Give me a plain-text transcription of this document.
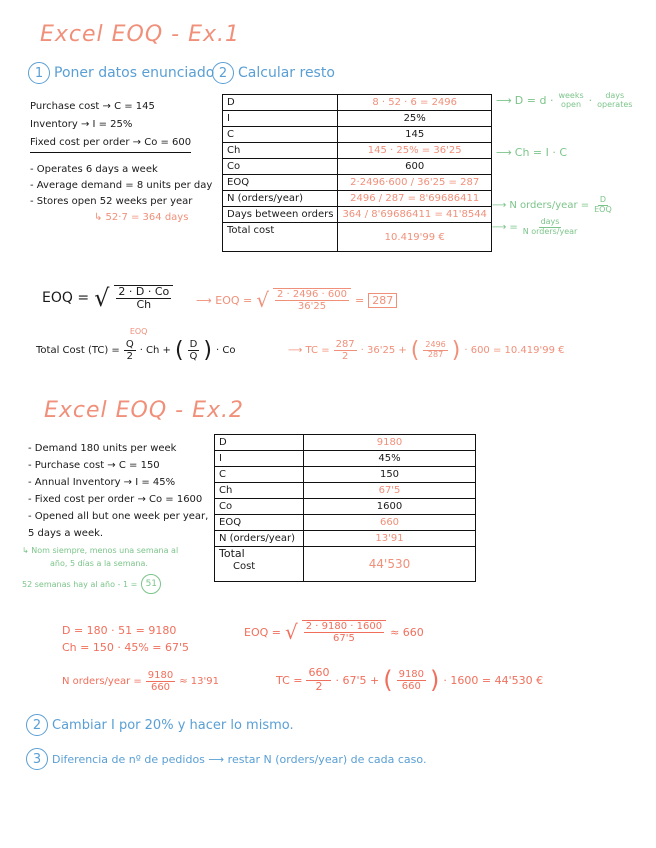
Excel EOQ - Ex.1
1 Poner datos enunciado 2 Calcular resto
Purchase cost → C = 145
Inventory → I = 25%
Fixed cost per order → Co = 600
- Operates 6 days a week
- Average demand = 8 units per day
- Stores open 52 weeks per year
↳ 52·7 = 364 days
D	8 · 52 · 6 = 2496
I	25%
C	145
Ch	145 · 25% = 36'25
Co	600
EOQ	2·2496·600 / 36'25 = 287
N (orders/year)	2496 / 287 = 8'69686411
Days between orders	364 / 8'69686411 = 41'8544
Total cost	10.419'99 €
⟶ D = d · weeks
open · days
operates
⟶ Ch = I · C
⟶ N orders/year = $\frac{D}{\text{EOQ}}$
⟶ = $\frac{\text{days}}{\text{N orders/year}}$
EOQ = √ $\frac{2 \cdot D \cdot Co}{Ch}$ ⟶ EOQ = √ $\frac{2 \cdot 2496 \cdot 600}{36'25} = 287$
Total Cost (TC) =
EOQ
$\frac{Q}{2} \cdot Ch$ + ( $\frac{D}{Q}$ ) · Co	⟶ TC = $\frac{287}{2} \cdot 36'25$ + ( $\frac{2496}{287}$ ) · 600 = 10.419'99 €
Excel EOQ - Ex.2
- Demand 180 units per week
- Purchase cost → C = 150
- Annual Inventory → I = 45%
- Fixed cost per order → Co = 1600
- Opened all but one week per year,
5 days a week.
↳ Nom siempre, menos una semana al
año, 5 días a la semana.
52 semanas hay al año - 1 = 51
D	9180
I	45%
C	150
Ch	67'5
Co	1600
EOQ	660
N (orders/year)	13'91

Total
Cost	44'530
D = 180 · 51 = 9180
Ch = 150 · 45% = 67'5
EOQ = √ $\frac{2 \cdot 9180 \cdot 1600}{67'5} \approx 660$
N orders/year = $\frac{9180}{660} \approx 13'91$	TC = $\frac{660}{2} \cdot 67'5$ + ( $\frac{9180}{660}$ ) · 1600 = 44'530 €
2 Cambiar I por 20% y hacer lo mismo.
3 Diferencia de nº de pedidos ⟶ restar N (orders/year) de cada caso.
